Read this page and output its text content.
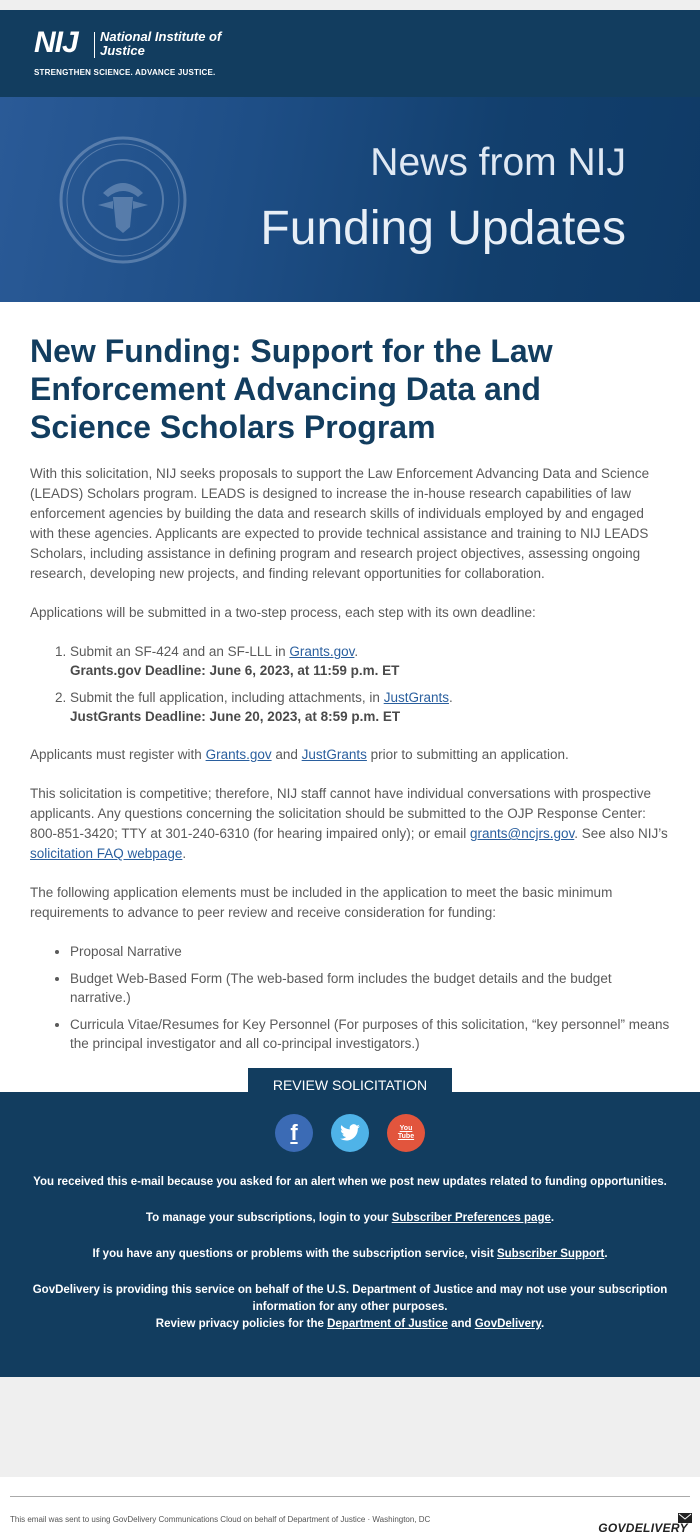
NIJ National Institute of Justice
STRENGTHEN SCIENCE. ADVANCE JUSTICE.
News from NIJ
Funding Updates
New Funding: Support for the Law Enforcement Advancing Data and Science Scholars Program

With this solicitation, NIJ seeks proposals to support the Law Enforcement Advancing Data and Science (LEADS) Scholars program. LEADS is designed to increase the in-house research capabilities of law enforcement agencies by building the data and research skills of individuals employed by and engaged with these agencies. Applicants are expected to provide technical assistance and training to NIJ LEADS Scholars, including assistance in defining program and research project objectives, assessing ongoing research, developing new projects, and finding relevant opportunities for collaboration.

Applications will be submitted in a two-step process, each step with its own deadline:

1. Submit an SF-424 and an SF-LLL in Grants.gov.
Grants.gov Deadline: June 6, 2023, at 11:59 p.m. ET
2. Submit the full application, including attachments, in JustGrants.
JustGrants Deadline: June 20, 2023, at 8:59 p.m. ET

Applicants must register with Grants.gov and JustGrants prior to submitting an application.

This solicitation is competitive; therefore, NIJ staff cannot have individual conversations with prospective applicants. Any questions concerning the solicitation should be submitted to the OJP Response Center: 800-851-3420; TTY at 301-240-6310 (for hearing impaired only); or email grants@ncjrs.gov. See also NIJ’s solicitation FAQ webpage.

The following application elements must be included in the application to meet the basic minimum requirements to advance to peer review and receive consideration for funding:

• Proposal Narrative
• Budget Web-Based Form (The web-based form includes the budget details and the budget narrative.)
• Curricula Vitae/Resumes for Key Personnel (For purposes of this solicitation, “key personnel” means the principal investigator and all co-principal investigators.)
REVIEW SOLICITATION
f	You Tube

You received this e-mail because you asked for an alert when we post new updates related to funding opportunities.

To manage your subscriptions, login to your Subscriber Preferences page.

If you have any questions or problems with the subscription service, visit Subscriber Support.

GovDelivery is providing this service on behalf of the U.S. Department of Justice and may not use your subscription information for any other purposes.
Review privacy policies for the Department of Justice and GovDelivery.

This email was sent to using GovDelivery Communications Cloud on behalf of Department of Justice · Washington, DC
GOVDELIVERY
